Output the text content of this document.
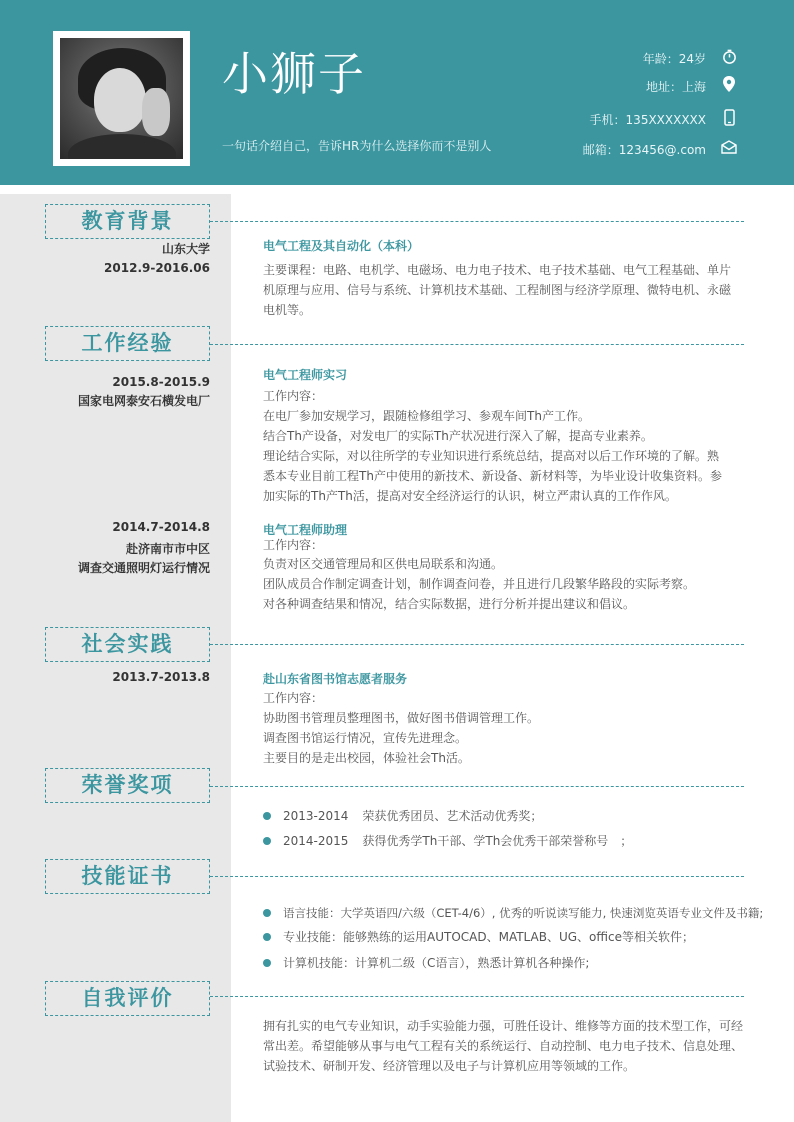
小狮子
一句话介绍自己，告诉HR为什么选择你而不是别人
年龄：24岁
地址：上海
手机：135XXXXXXX
邮箱：123456@.com
教育背景
山东大学
2012.9-2016.06
电气工程及其自动化（本科）
主要课程：电路、电机学、电磁场、电力电子技术、电子技术基础、电气工程基础、单片
机原理与应用、信号与系统、计算机技术基础、工程制图与经济学原理、微特电机、永磁
电机等。
工作经验
2015.8-2015.9
国家电网泰安石横发电厂
电气工程师实习
工作内容：
在电厂参加安规学习，跟随检修组学习、参观车间Th产工作。
结合Th产设备，对发电厂的实际Th产状况进行深入了解，提高专业素养。
理论结合实际，对以往所学的专业知识进行系统总结，提高对以后工作环境的了解。熟
悉本专业目前工程Th产中使用的新技术、新设备、新材料等，为毕业设计收集资料。参
加实际的Th产Th活，提高对安全经济运行的认识，树立严肃认真的工作作风。
2014.7-2014.8
赴济南市市中区
调查交通照明灯运行情况
电气工程师助理
工作内容：
负责对区交通管理局和区供电局联系和沟通。
团队成员合作制定调查计划，制作调查问卷，并且进行几段繁华路段的实际考察。
对各种调查结果和情况，结合实际数据，进行分析并提出建议和倡议。
社会实践
2013.7-2013.8	赴山东省图书馆志愿者服务
工作内容：
协助图书管理员整理图书，做好图书借调管理工作。
调查图书馆运行情况，宣传先进理念。
主要目的是走出校园，体验社会Th活。
荣誉奖项
2013-2014 荣获优秀团员、艺术活动优秀奖；
2014-2015 获得优秀学Th干部、学Th会优秀干部荣誉称号　；
技能证书
语言技能：大学英语四/六级（CET-4/6）, 优秀的听说读写能力, 快速浏览英语专业文件及书籍;
专业技能：能够熟练的运用AUTOCAD、MATLAB、UG、office等相关软件；
计算机技能：计算机二级（C语言），熟悉计算机各种操作;
自我评价
拥有扎实的电气专业知识，动手实验能力强，可胜任设计、维修等方面的技术型工作，可经
常出差。希望能够从事与电气工程有关的系统运行、自动控制、电力电子技术、信息处理、
试验技术、研制开发、经济管理以及电子与计算机应用等领域的工作。
